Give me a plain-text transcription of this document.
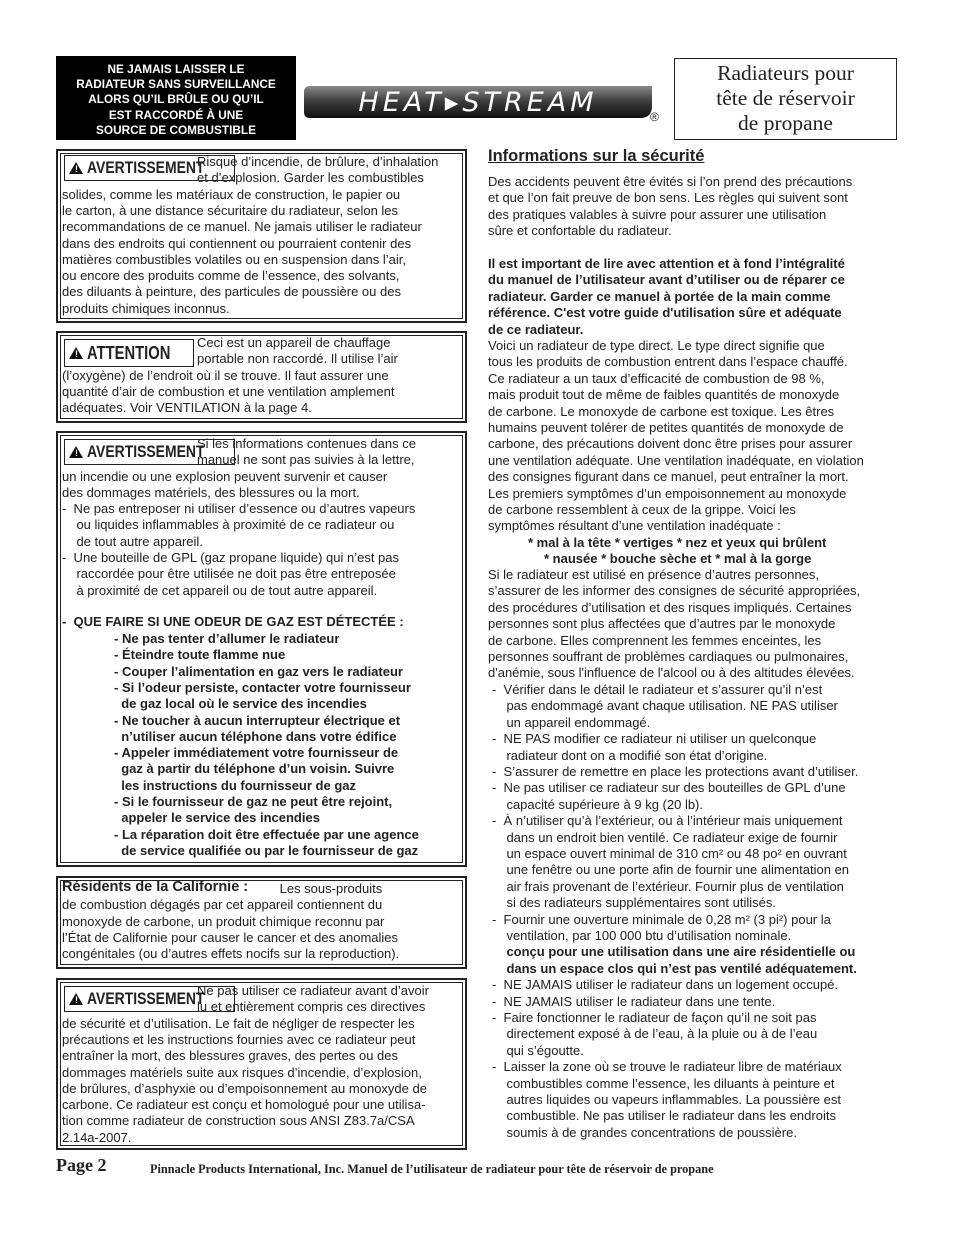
NE JAMAIS LAISSER LE
RADIATEUR SANS SURVEILLANCE
ALORS QU’IL BRÛLE OU QU’IL
EST RACCORDÉ À UNE
SOURCE DE COMBUSTIBLE
HEAT▸STREAM	®
Radiateurs pour
tête de réservoir
de propane
! AVERTISSEMENT
Risque d’incendie, de brûlure, d’inhalation
et d’explosion. Garder les combustibles
solides, comme les matériaux de construction, le papier ou
le carton, à une distance sécuritaire du radiateur, selon les
recommandations de ce manuel. Ne jamais utiliser le radiateur
dans des endroits qui contiennent ou pourraient contenir des
matières combustibles volatiles ou en suspension dans l’air,
ou encore des produits comme de l’essence, des solvants,
des diluants à peinture, des particules de poussière ou des
produits chimiques inconnus.
! ATTENTION
Ceci est un appareil de chauffage
portable non raccordé. Il utilise l’air
(l’oxygène) de l’endroit où il se trouve. Il faut assurer une
quantité d’air de combustion et une ventilation amplement
adéquates. Voir VENTILATION à la page 4.
! AVERTISSEMENT
Si les informations contenues dans ce
manuel ne sont pas suivies à la lettre,
un incendie ou une explosion peuvent survenir et causer
des dommages matériels, des blessures ou la mort.
-  Ne pas entreposer ni utiliser d’essence ou d’autres vapeurs
ou liquides inflammables à proximité de ce radiateur ou
de tout autre appareil.
-  Une bouteille de GPL (gaz propane liquide) qui n’est pas
raccordée pour être utilisée ne doit pas être entreposée
à proximité de cet appareil ou de tout autre appareil.
-  QUE FAIRE SI UNE ODEUR DE GAZ EST DÉTECTÉE :
- Ne pas tenter d’allumer le radiateur
- Éteindre toute flamme nue
- Couper l’alimentation en gaz vers le radiateur
- Si l’odeur persiste, contacter votre fournisseur
de gaz local où le service des incendies
- Ne toucher à aucun interrupteur électrique et
n’utiliser aucun téléphone dans votre édifice
- Appeler immédiatement votre fournisseur de
gaz à partir du téléphone d’un voisin. Suivre
les instructions du fournisseur de gaz
- Si le fournisseur de gaz ne peut être rejoint,
appeler le service des incendies
- La réparation doit être effectuée par une agence
de service qualifiée ou par le fournisseur de gaz
Résidents de la Californie : Les sous-produits
de combustion dégagés par cet appareil contiennent du
monoxyde de carbone, un produit chimique reconnu par
l’État de Californie pour causer le cancer et des anomalies
congénitales (ou d’autres effets nocifs sur la reproduction).
! AVERTISSEMENT
Ne pas utiliser ce radiateur avant d’avoir
lu et entièrement compris ces directives
de sécurité et d’utilisation. Le fait de négliger de respecter les
précautions et les instructions fournies avec ce radiateur peut
entraîner la mort, des blessures graves, des pertes ou des
dommages matériels suite aux risques d’incendie, d’explosion,
de brûlures, d’asphyxie ou d’empoisonnement au monoxyde de
carbone. Ce radiateur est conçu et homologué pour une utilisa-
tion comme radiateur de construction sous ANSI Z83.7a/CSA
2.14a-2007.
Informations sur la sécurité
Des accidents peuvent être évités si l’on prend des précautions
et que l’on fait preuve de bon sens. Les règles qui suivent sont
des pratiques valables à suivre pour assurer une utilisation
sûre et confortable du radiateur.
Il est important de lire avec attention et à fond l’intégralité
du manuel de l’utilisateur avant d’utiliser ou de réparer ce
radiateur. Garder ce manuel à portée de la main comme
référence. C'est votre guide d'utilisation sûre et adéquate
de ce radiateur.
Voici un radiateur de type direct. Le type direct signifie que
tous les produits de combustion entrent dans l’espace chauffé.
Ce radiateur a un taux d’efficacité de combustion de 98 %,
mais produit tout de même de faibles quantités de monoxyde
de carbone. Le monoxyde de carbone est toxique. Les êtres
humains peuvent tolérer de petites quantités de monoxyde de
carbone, des précautions doivent donc être prises pour assurer
une ventilation adéquate. Une ventilation inadéquate, en violation
des consignes figurant dans ce manuel, peut entraîner la mort.
Les premiers symptômes d’un empoisonnement au monoxyde
de carbone ressemblent à ceux de la grippe. Voici les
symptômes résultant d’une ventilation inadéquate :
* mal à la tête * vertiges * nez et yeux qui brûlent
* nausée * bouche sèche et * mal à la gorge
Si le radiateur est utilisé en présence d’autres personnes,
s’assurer de les informer des consignes de sécurité appropriées,
des procédures d’utilisation et des risques impliqués. Certaines
personnes sont plus affectées que d’autres par le monoxyde
de carbone. Elles comprennent les femmes enceintes, les
personnes souffrant de problèmes cardiaques ou pulmonaires,
d'anémie, sous l'influence de l'alcool ou à des altitudes élevées.
-  Vérifier dans le détail le radiateur et s’assurer qu’il n’est
pas endommagé avant chaque utilisation. NE PAS utiliser
un appareil endommagé.
-  NE PAS modifier ce radiateur ni utiliser un quelconque
radiateur dont on a modifié son état d’origine.
-  S’assurer de remettre en place les protections avant d’utiliser.
-  Ne pas utiliser ce radiateur sur des bouteilles de GPL d’une
capacité supérieure à 9 kg (20 lb).
-  À n’utiliser qu’à l’extérieur, ou à l’intérieur mais uniquement
dans un endroit bien ventilé. Ce radiateur exige de fournir
un espace ouvert minimal de 310 cm² ou 48 po² en ouvrant
une fenêtre ou une porte afin de fournir une alimentation en
air frais provenant de l’extérieur. Fournir plus de ventilation
si des radiateurs supplémentaires sont utilisés.
-  Fournir une ouverture minimale de 0,28 m² (3 pi²) pour la
ventilation, par 100 000 btu d’utilisation nominale.
conçu pour une utilisation dans une aire résidentielle ou
dans un espace clos qui n’est pas ventilé adéquatement.
-  NE JAMAIS utiliser le radiateur dans un logement occupé.
-  NE JAMAIS utiliser le radiateur dans une tente.
-  Faire fonctionner le radiateur de façon qu’il ne soit pas
directement exposé à de l’eau, à la pluie ou à de l’eau
qui s’égoutte.
-  Laisser la zone où se trouve le radiateur libre de matériaux
combustibles comme l’essence, les diluants à peinture et
autres liquides ou vapeurs inflammables. La poussière est
combustible. Ne pas utiliser le radiateur dans les endroits
soumis à de grandes concentrations de poussière.
Page 2	Pinnacle Products International, Inc. Manuel de l’utilisateur de radiateur pour tête de réservoir de propane
